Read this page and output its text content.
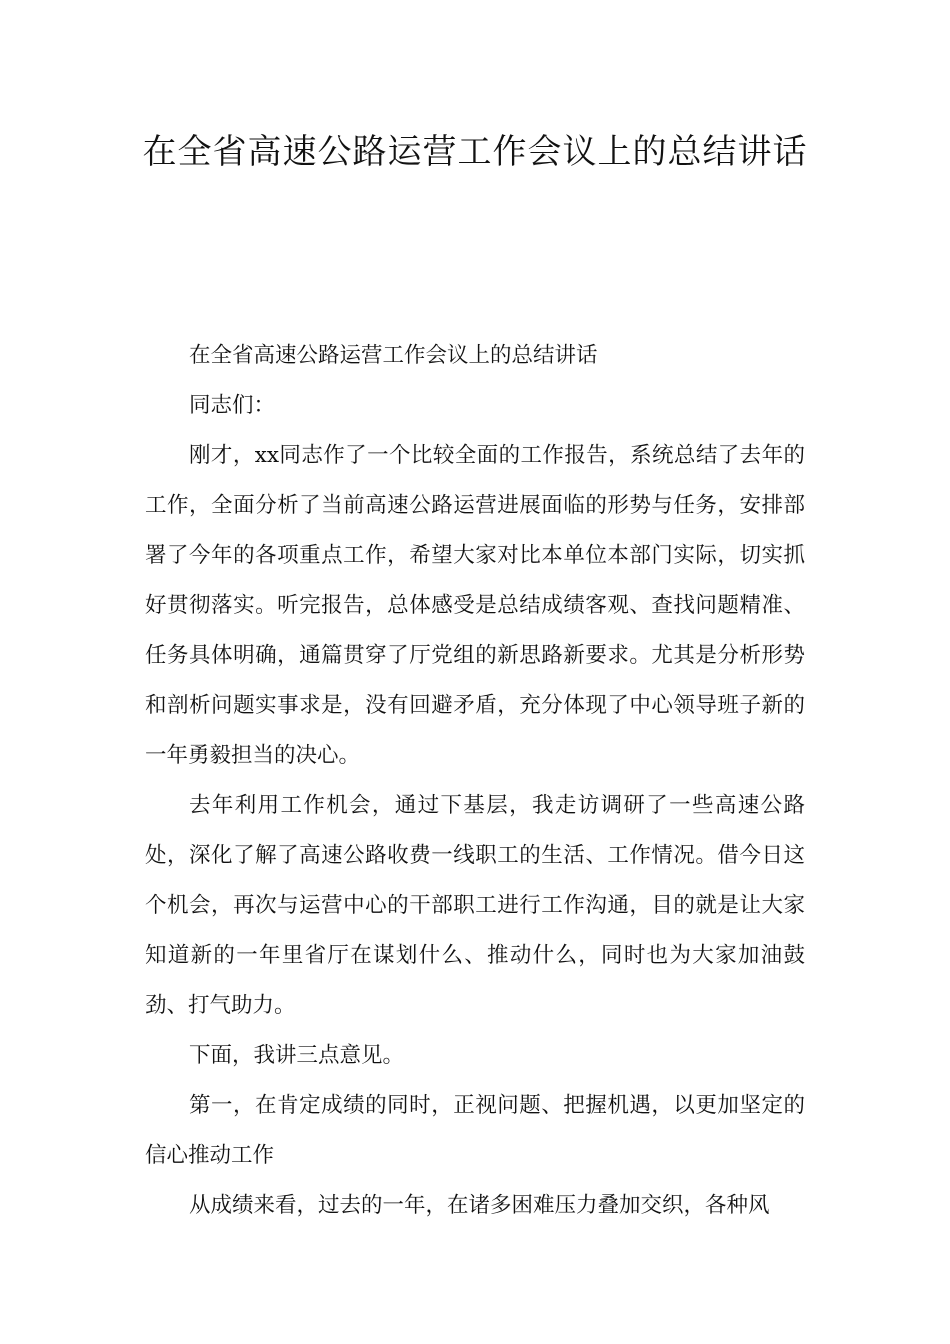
在全省高速公路运营工作会议上的总结讲话

在全省高速公路运营工作会议上的总结讲话

同志们：

刚才，xx同志作了一个比较全面的工作报告，系统总结了去年的工作，全面分析了当前高速公路运营进展面临的形势与任务，安排部署了今年的各项重点工作，希望大家对比本单位本部门实际，切实抓好贯彻落实。听完报告，总体感受是总结成绩客观、查找问题精准、任务具体明确，通篇贯穿了厅党组的新思路新要求。尤其是分析形势和剖析问题实事求是，没有回避矛盾，充分体现了中心领导班子新的一年勇毅担当的决心。

去年利用工作机会，通过下基层，我走访调研了一些高速公路处，深化了解了高速公路收费一线职工的生活、工作情况。借今日这个机会，再次与运营中心的干部职工进行工作沟通，目的就是让大家知道新的一年里省厅在谋划什么、推动什么，同时也为大家加油鼓劲、打气助力。

下面，我讲三点意见。

第一，在肯定成绩的同时，正视问题、把握机遇，以更加坚定的信心推动工作

从成绩来看，过去的一年，在诸多困难压力叠加交织，各种风
